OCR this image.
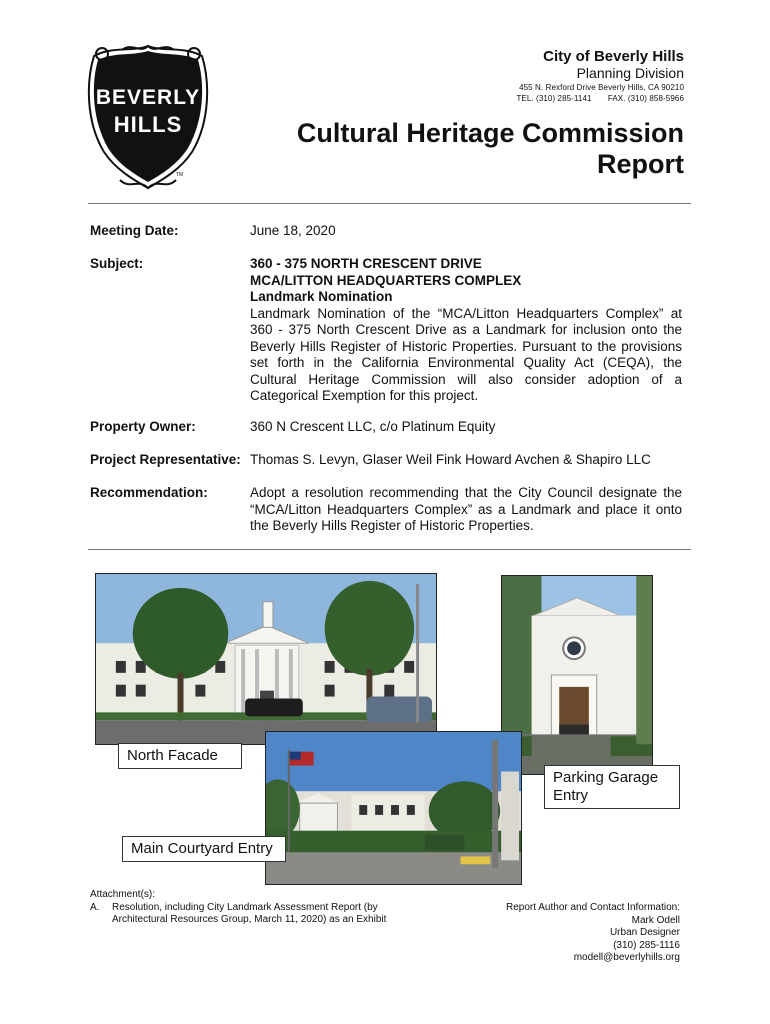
BEVERLY
HILLS
TM
City of Beverly Hills
Planning Division
455 N. Rexford Drive Beverly Hills, CA 90210
TEL. (310) 285-1141       FAX. (310) 858-5966
Cultural Heritage Commission
Report
Meeting Date:	June 18, 2020
Subject:	360 - 375 NORTH CRESCENT DRIVE
MCA/LITTON HEADQUARTERS COMPLEX
Landmark Nomination
Landmark Nomination of the “MCA/Litton Headquarters Complex” at 360 - 375 North Crescent Drive as a Landmark for inclusion onto the Beverly Hills Register of Historic Properties. Pursuant to the provisions set forth in the California Environmental Quality Act (CEQA), the Cultural Heritage Commission will also consider adoption of a Categorical Exemption for this project.
Property Owner:	360 N Crescent LLC, c/o Platinum Equity
Project Representative: Thomas S. Levyn, Glaser Weil Fink Howard Avchen & Shapiro LLC
Recommendation:	Adopt a resolution recommending that the City Council designate the “MCA/Litton Headquarters Complex” as a Landmark and place it onto the Beverly Hills Register of Historic Properties.
North Facade
Parking Garage Entry
Main Courtyard Entry
Attachment(s):
A. Resolution, including City Landmark Assessment Report (by
Architectural Resources Group, March 11, 2020) as an Exhibit
Report Author and Contact Information:
Mark Odell
Urban Designer
(310) 285-1116
modell@beverlyhills.org
